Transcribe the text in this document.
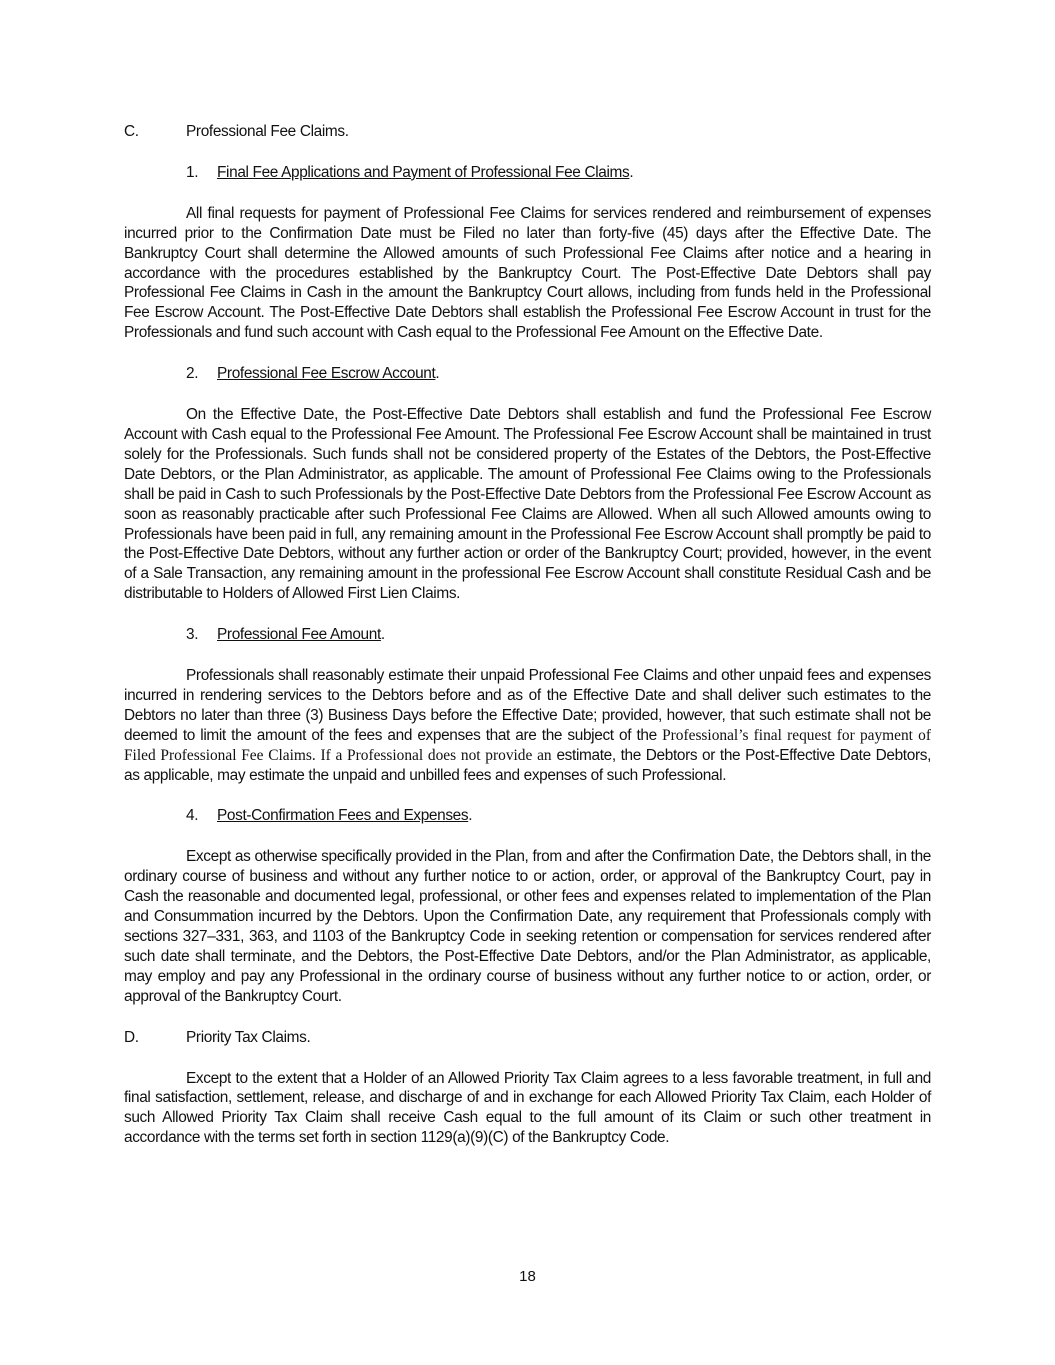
C.	Professional Fee Claims.
1.	Final Fee Applications and Payment of Professional Fee Claims.

All final requests for payment of Professional Fee Claims for services rendered and reimbursement of expenses incurred prior to the Confirmation Date must be Filed no later than forty-five (45) days after the Effective Date. The Bankruptcy Court shall determine the Allowed amounts of such Professional Fee Claims after notice and a hearing in accordance with the procedures established by the Bankruptcy Court. The Post-Effective Date Debtors shall pay Professional Fee Claims in Cash in the amount the Bankruptcy Court allows, including from funds held in the Professional Fee Escrow Account. The Post-Effective Date Debtors shall establish the Professional Fee Escrow Account in trust for the Professionals and fund such account with Cash equal to the Professional Fee Amount on the Effective Date.

2.	Professional Fee Escrow Account.

On the Effective Date, the Post-Effective Date Debtors shall establish and fund the Professional Fee Escrow Account with Cash equal to the Professional Fee Amount. The Professional Fee Escrow Account shall be maintained in trust solely for the Professionals. Such funds shall not be considered property of the Estates of the Debtors, the Post-Effective Date Debtors, or the Plan Administrator, as applicable. The amount of Professional Fee Claims owing to the Professionals shall be paid in Cash to such Professionals by the Post-Effective Date Debtors from the Professional Fee Escrow Account as soon as reasonably practicable after such Professional Fee Claims are Allowed. When all such Allowed amounts owing to Professionals have been paid in full, any remaining amount in the Professional Fee Escrow Account shall promptly be paid to the Post-Effective Date Debtors, without any further action or order of the Bankruptcy Court; provided, however, in the event of a Sale Transaction, any remaining amount in the professional Fee Escrow Account shall constitute Residual Cash and be distributable to Holders of Allowed First Lien Claims.

3.	Professional Fee Amount.

Professionals shall reasonably estimate their unpaid Professional Fee Claims and other unpaid fees and expenses incurred in rendering services to the Debtors before and as of the Effective Date and shall deliver such estimates to the Debtors no later than three (3) Business Days before the Effective Date; provided, however, that such estimate shall not be deemed to limit the amount of the fees and expenses that are the subject of the Professional’s final request for payment of Filed Professional Fee Claims. If a Professional does not provide an estimate, the Debtors or the Post-Effective Date Debtors, as applicable, may estimate the unpaid and unbilled fees and expenses of such Professional.

4.	Post-Confirmation Fees and Expenses.

Except as otherwise specifically provided in the Plan, from and after the Confirmation Date, the Debtors shall, in the ordinary course of business and without any further notice to or action, order, or approval of the Bankruptcy Court, pay in Cash the reasonable and documented legal, professional, or other fees and expenses related to implementation of the Plan and Consummation incurred by the Debtors. Upon the Confirmation Date, any requirement that Professionals comply with sections 327–331, 363, and 1103 of the Bankruptcy Code in seeking retention or compensation for services rendered after such date shall terminate, and the Debtors, the Post-Effective Date Debtors, and/or the Plan Administrator, as applicable, may employ and pay any Professional in the ordinary course of business without any further notice to or action, order, or approval of the Bankruptcy Court.

D.	Priority Tax Claims.

Except to the extent that a Holder of an Allowed Priority Tax Claim agrees to a less favorable treatment, in full and final satisfaction, settlement, release, and discharge of and in exchange for each Allowed Priority Tax Claim, each Holder of such Allowed Priority Tax Claim shall receive Cash equal to the full amount of its Claim or such other treatment in accordance with the terms set forth in section 1129(a)(9)(C) of the Bankruptcy Code.

18
